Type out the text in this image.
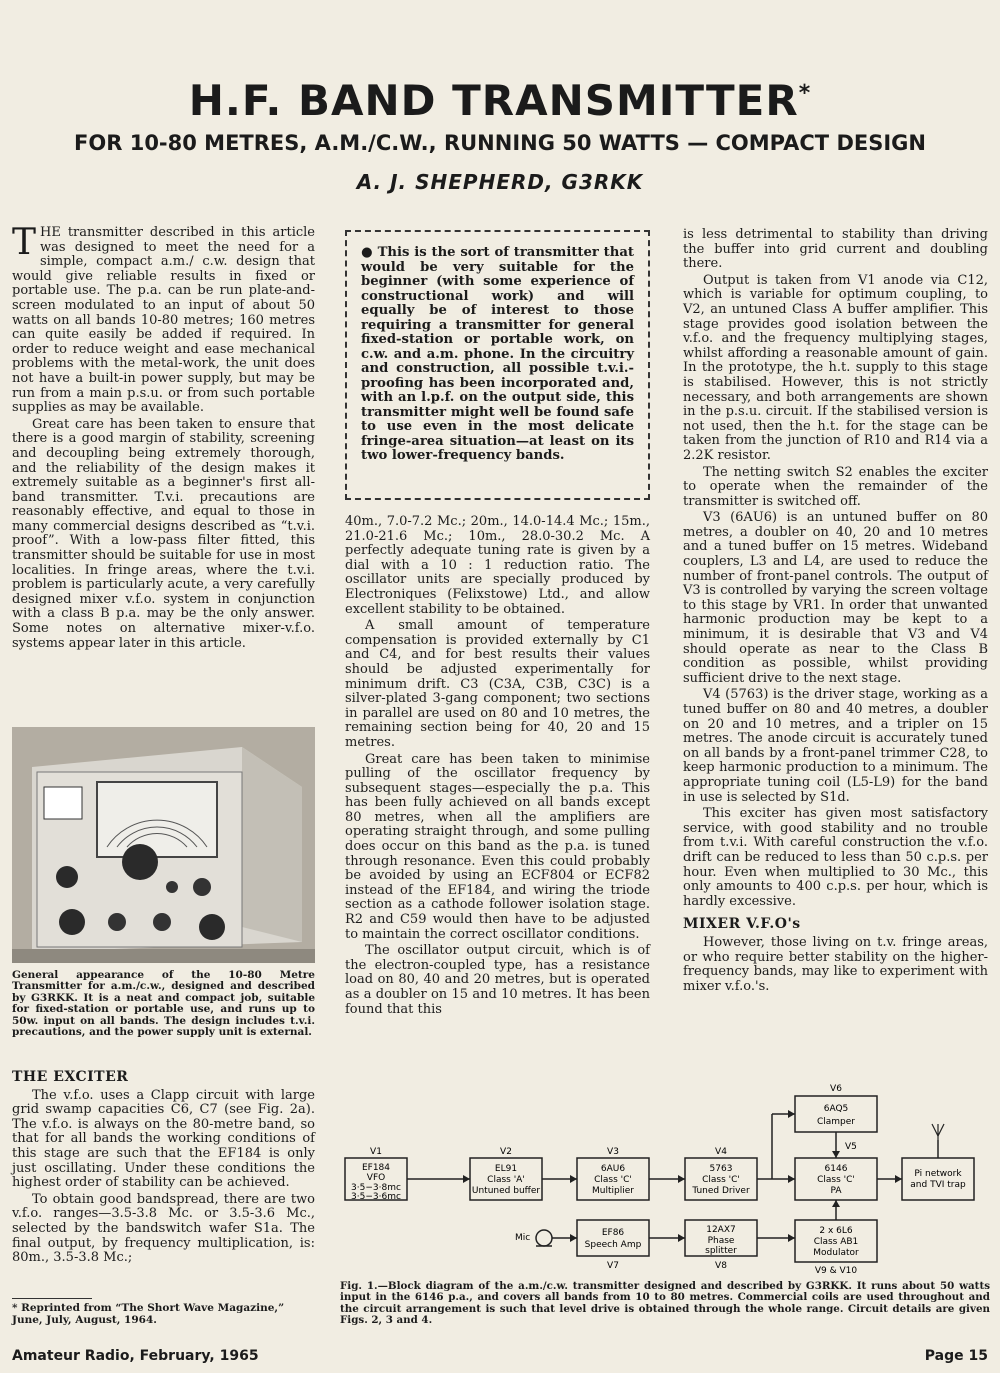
H.F. BAND TRANSMITTER*
FOR 10-80 METRES, A.M./C.W., RUNNING 50 WATTS — COMPACT DESIGN
A. J. SHEPHERD, G3RKK

THE transmitter described in this article was designed to meet the need for a simple, compact a.m./ c.w. design that would give reliable results in fixed or portable use. The p.a. can be run plate-and-screen modulated to an input of about 50 watts on all bands 10-80 metres; 160 metres can quite easily be added if required. In order to reduce weight and ease mechanical problems with the metal-work, the unit does not have a built-in power supply, but may be run from a main p.s.u. or from such portable supplies as may be available.

Great care has been taken to ensure that there is a good margin of stability, screening and decoupling being extremely thorough, and the reliability of the design makes it extremely suitable as a beginner's first all-band transmitter. T.v.i. precautions are reasonably effective, and equal to those in many commercial designs described as “t.v.i. proof”. With a low-pass filter fitted, this transmitter should be suitable for use in most localities. In fringe areas, where the t.v.i. problem is particularly acute, a very carefully designed mixer v.f.o. system in conjunction with a class B p.a. may be the only answer. Some notes on alternative mixer-v.f.o. systems appear later in this article.

General appearance of the 10-80 Metre Transmitter for a.m./c.w., designed and described by G3RKK. It is a neat and compact job, suitable for fixed-station or portable use, and runs up to 50w. input on all bands. The design includes t.v.i. precautions, and the power supply unit is external.
THE EXCITER

The v.f.o. uses a Clapp circuit with large grid swamp capacities C6, C7 (see Fig. 2a). The v.f.o. is always on the 80-metre band, so that for all bands the working conditions of this stage are such that the EF184 is only just oscillating. Under these conditions the highest order of stability can be achieved.

To obtain good bandspread, there are two v.f.o. ranges—3.5-3.8 Mc. or 3.5-3.6 Mc., selected by the bandswitch wafer S1a. The final output, by frequency multiplication, is: 80m., 3.5-3.8 Mc.;

* Reprinted from “The Short Wave Magazine,” June, July, August, 1964.
● This is the sort of transmitter that would be very suitable for the beginner (with some experience of constructional work) and will equally be of interest to those requiring a transmitter for general fixed-station or portable work, on c.w. and a.m. phone. In the circuitry and construction, all possible t.v.i.-proofing has been incorporated and, with an l.p.f. on the output side, this transmitter might well be found safe to use even in the most delicate fringe-area situation—at least on its two lower-frequency bands.

40m., 7.0-7.2 Mc.; 20m., 14.0-14.4 Mc.; 15m., 21.0-21.6 Mc.; 10m., 28.0-30.2 Mc. A perfectly adequate tuning rate is given by a dial with a 10 : 1 reduction ratio. The oscillator units are specially produced by Electroniques (Felixstowe) Ltd., and allow excellent stability to be obtained.

A small amount of temperature compensation is provided externally by C1 and C4, and for best results their values should be adjusted experimentally for minimum drift. C3 (C3A, C3B, C3C) is a silver-plated 3-gang component; two sections in parallel are used on 80 and 10 metres, the remaining section being for 40, 20 and 15 metres.

Great care has been taken to minimise pulling of the oscillator frequency by subsequent stages—especially the p.a. This has been fully achieved on all bands except 80 metres, when all the amplifiers are operating straight through, and some pulling does occur on this band as the p.a. is tuned through resonance. Even this could probably be avoided by using an ECF804 or ECF82 instead of the EF184, and wiring the triode section as a cathode follower isolation stage. R2 and C59 would then have to be adjusted to maintain the correct oscillator conditions.

The oscillator output circuit, which is of the electron-coupled type, has a resistance load on 80, 40 and 20 metres, but is operated as a doubler on 15 and 10 metres. It has been found that this

is less detrimental to stability than driving the buffer into grid current and doubling there.

Output is taken from V1 anode via C12, which is variable for optimum coupling, to V2, an untuned Class A buffer amplifier. This stage provides good isolation between the v.f.o. and the frequency multiplying stages, whilst affording a reasonable amount of gain. In the prototype, the h.t. supply to this stage is stabilised. However, this is not strictly necessary, and both arrangements are shown in the p.s.u. circuit. If the stabilised version is not used, then the h.t. for the stage can be taken from the junction of R10 and R14 via a 2.2K resistor.

The netting switch S2 enables the exciter to operate when the remainder of the transmitter is switched off.

V3 (6AU6) is an untuned buffer on 80 metres, a doubler on 40, 20 and 10 metres and a tuned buffer on 15 metres. Wideband couplers, L3 and L4, are used to reduce the number of front-panel controls. The output of V3 is controlled by varying the screen voltage to this stage by VR1. In order that unwanted harmonic production may be kept to a minimum, it is desirable that V3 and V4 should operate as near to the Class B condition as possible, whilst providing sufficient drive to the next stage.

V4 (5763) is the driver stage, working as a tuned buffer on 80 and 40 metres, a doubler on 20 and 10 metres, and a tripler on 15 metres. The anode circuit is accurately tuned on all bands by a front-panel trimmer C28, to keep harmonic production to a minimum. The appropriate tuning coil (L5-L9) for the band in use is selected by S1d.

This exciter has given most satisfactory service, with good stability and no trouble from t.v.i. With careful construction the v.f.o. drift can be reduced to less than 50 c.p.s. per hour. Even when multiplied to 30 Mc., this only amounts to 400 c.p.s. per hour, which is hardly excessive.

MIXER V.F.O's

However, those living on t.v. fringe areas, or who require better stability on the higher-frequency bands, may like to experiment with mixer v.f.o.'s.

V1
EF184
VFO
3·5−3·8mc
3·5−3·6mc
V2
EL91
Class 'A'
Untuned buffer
V3
6AU6
Class 'C'
Multiplier
V4
5763
Class 'C'
Tuned Driver
V5
6146
Class 'C'
PA
V6
6AQ5
Clamper
Pi network
and TVI trap
Mic	EF86
Speech Amp
V7
12AX7
Phase
splitter
V8
2 x 6L6
Class AB1
Modulator
V9 & V10
Fig. 1.—Block diagram of the a.m./c.w. transmitter designed and described by G3RKK. It runs about 50 watts input in the 6146 p.a., and covers all bands from 10 to 80 metres. Commercial coils are used throughout and the circuit arrangement is such that level drive is obtained through the whole range. Circuit details are given Figs. 2, 3 and 4.
Amateur Radio, February, 1965	Page 15
